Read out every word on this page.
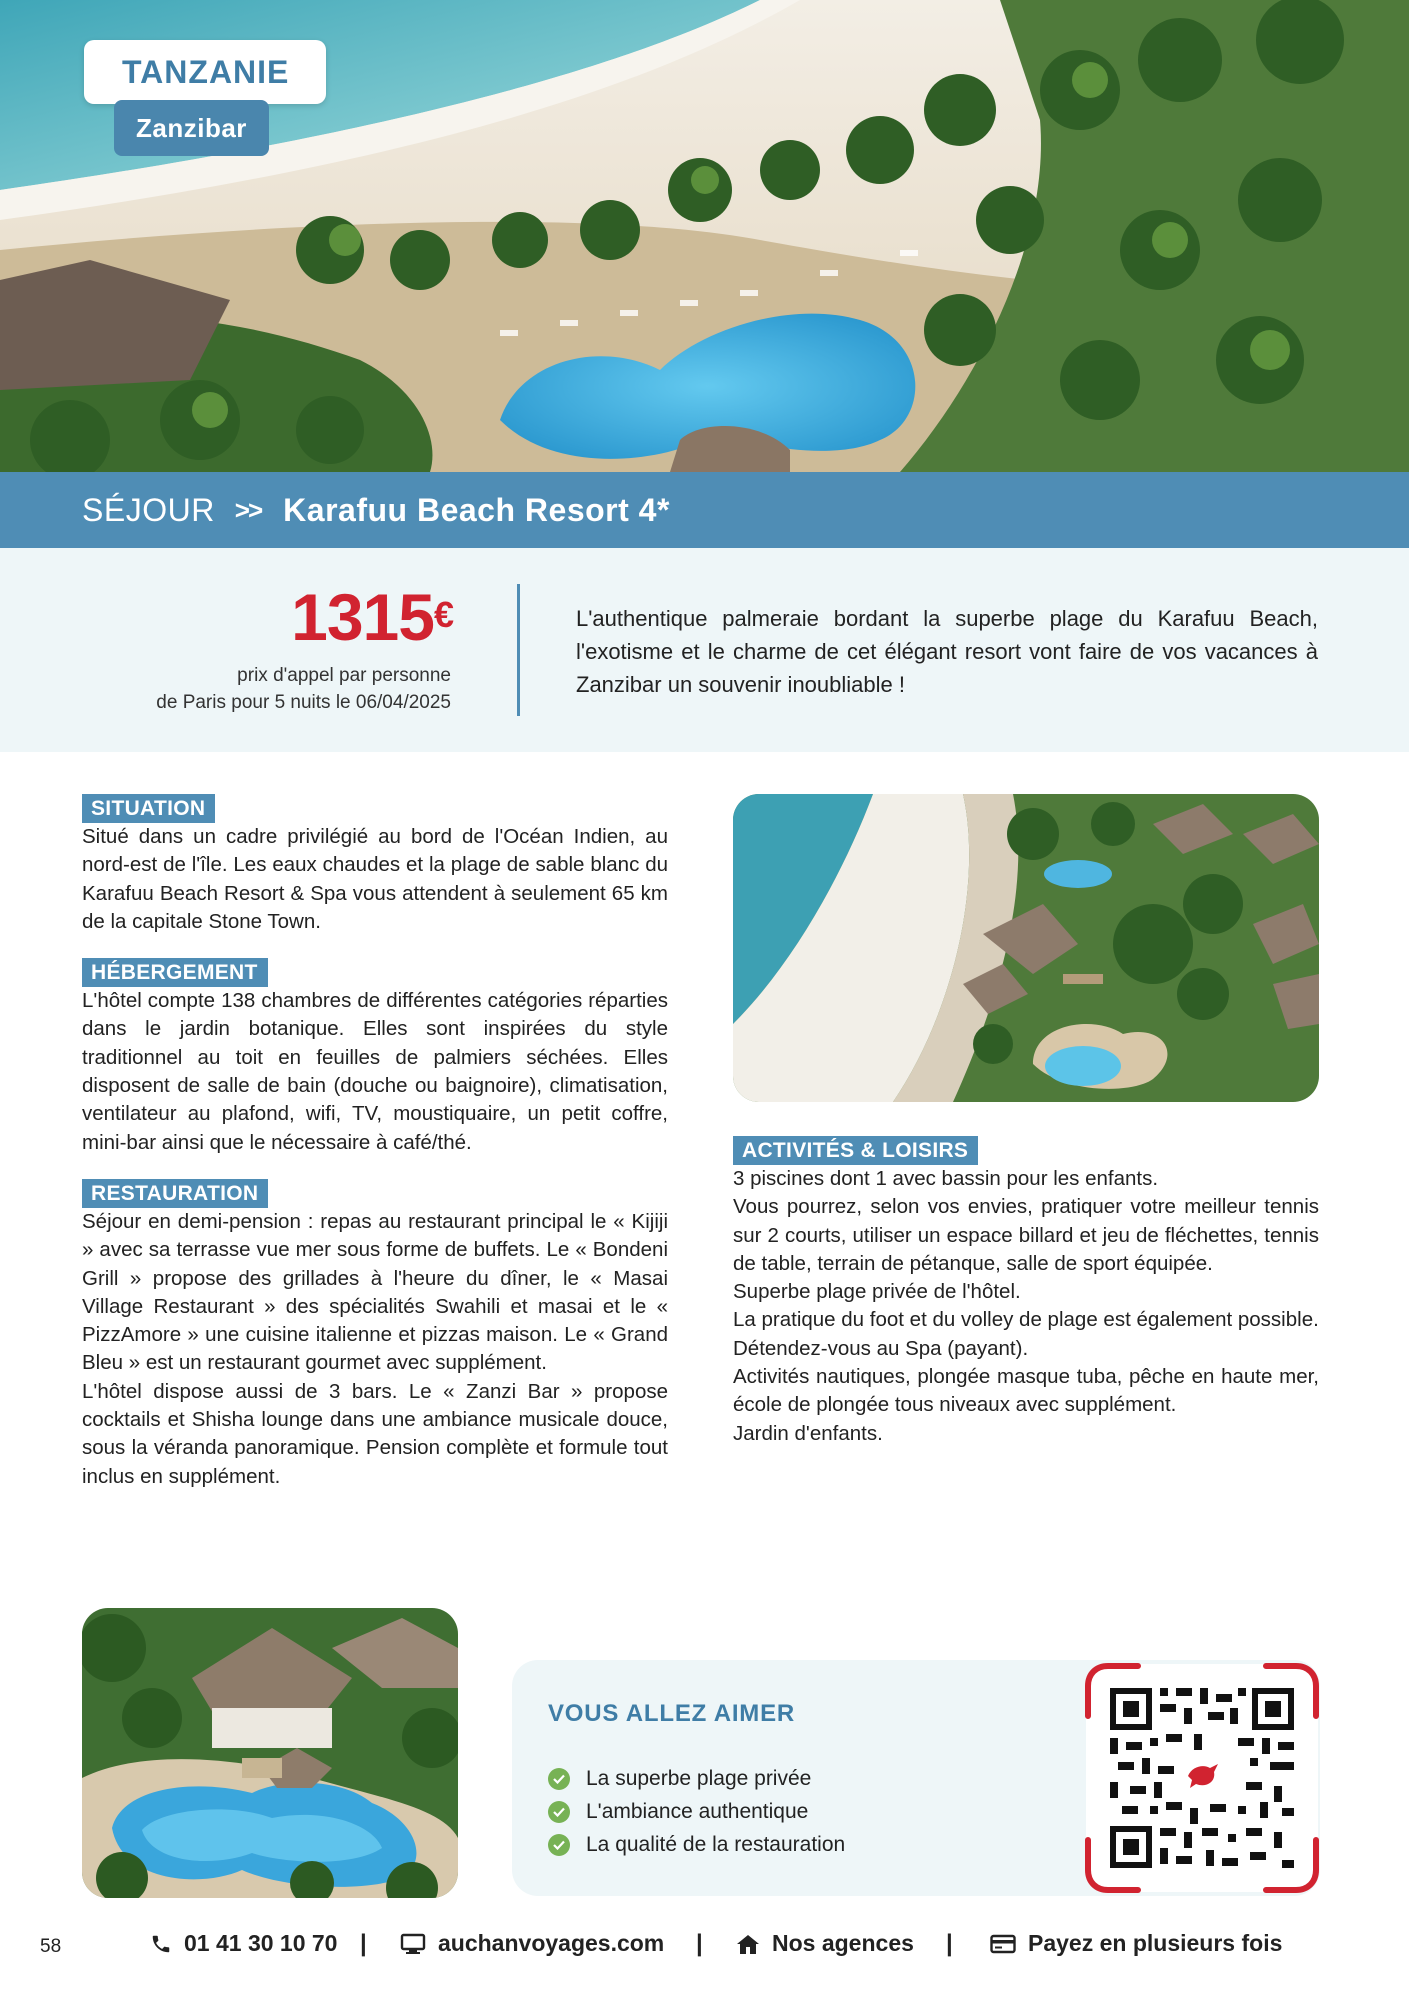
TANZANIE
Zanzibar
SÉJOUR >> Karafuu Beach Resort 4*
1315€
prix d'appel par personne
de Paris pour 5 nuits le 06/04/2025

L'authentique palmeraie bordant la superbe plage du Karafuu Beach, l'exotisme et le charme de cet élégant resort vont faire de vos vacances à Zanzibar un souvenir inoubliable !

SITUATION

Situé dans un cadre privilégié au bord de l'Océan Indien, au nord-est de l'île. Les eaux chaudes et la plage de sable blanc du Karafuu Beach Resort & Spa vous attendent à seulement 65 km de la capitale Stone Town.

HÉBERGEMENT

L'hôtel compte 138 chambres de différentes catégories réparties dans le jardin botanique. Elles sont inspirées du style traditionnel au toit en feuilles de palmiers séchées. Elles disposent de salle de bain (douche ou baignoire), climatisation, ventilateur au plafond, wifi, TV, moustiquaire, un petit coffre, mini-bar ainsi que le nécessaire à café/thé.

RESTAURATION

Séjour en demi-pension : repas au restaurant principal le « Kijiji » avec sa terrasse vue mer sous forme de buffets. Le « Bondeni Grill » propose des grillades à l'heure du dîner, le « Masai Village Restaurant » des spécialités Swahili et masai et le « PizzAmore » une cuisine italienne et pizzas maison. Le « Grand Bleu » est un restaurant gourmet avec supplément.

L'hôtel dispose aussi de 3 bars. Le « Zanzi Bar » propose cocktails et Shisha lounge dans une ambiance musicale douce, sous la véranda panoramique. Pension complète et formule tout inclus en supplément.

ACTIVITÉS & LOISIRS

3 piscines dont 1 avec bassin pour les enfants.

Vous pourrez, selon vos envies, pratiquer votre meilleur tennis sur 2 courts, utiliser un espace billard et jeu de fléchettes, tennis de table, terrain de pétanque, salle de sport équipée.

Superbe plage privée de l'hôtel.

La pratique du foot et du volley de plage est également possible.

Détendez-vous au Spa (payant).

Activités nautiques, plongée masque tuba, pêche en haute mer, école de plongée tous niveaux avec supplément.

Jardin d'enfants.

VOUS ALLEZ AIMER
La superbe plage privée
L'ambiance authentique
La qualité de la restauration
58	01 41 30 10 70 |	auchanvoyages.com |	Nos agences |	Payez en plusieurs fois
